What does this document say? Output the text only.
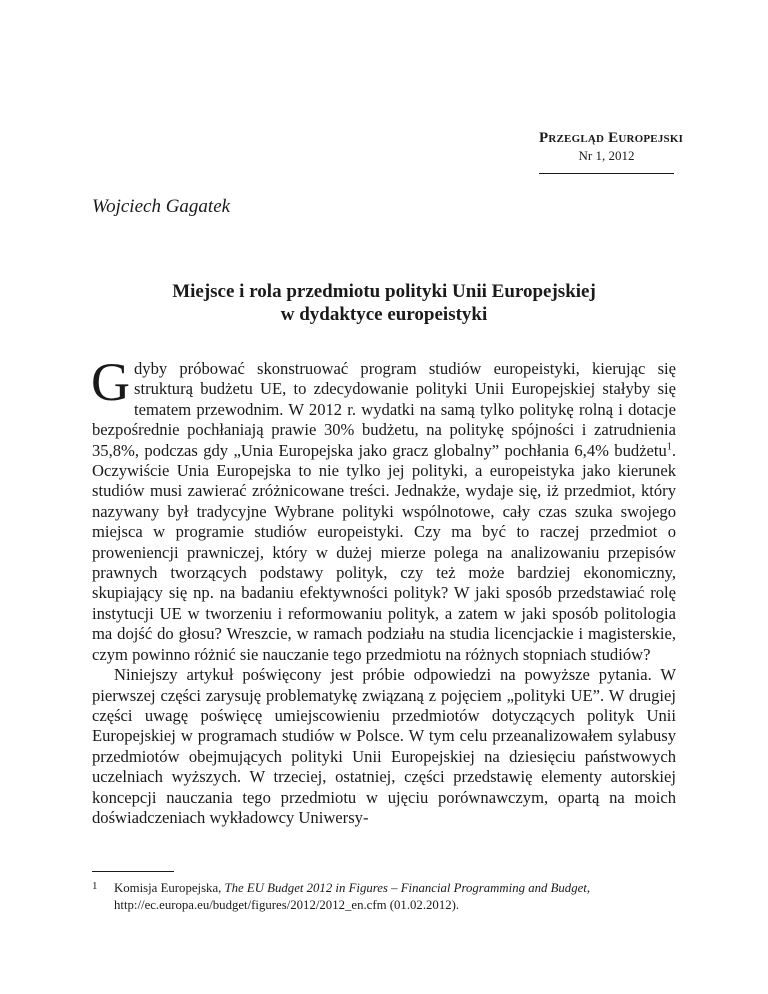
Przegląd Europejski
Nr 1, 2012
Wojciech Gagatek
Miejsce i rola przedmiotu polityki Unii Europejskiej
w dydaktyce europeistyki

Gdyby próbować skonstruować program studiów europeistyki, kierując się strukturą budżetu UE, to zdecydowanie polityki Unii Europejskiej stałyby się tematem przewodnim. W 2012 r. wydatki na samą tylko politykę rolną i dotacje bezpośrednie pochłaniają prawie 30% budżetu, na politykę spójności i zatrudnienia 35,8%, podczas gdy „Unia Europejska jako gracz globalny” pochłania 6,4% budżetu$^1$. Oczywiście Unia Europejska to nie tylko jej polityki, a europeistyka jako kierunek studiów musi zawierać zróżnicowane treści. Jednakże, wydaje się, iż przedmiot, który nazywany był tradycyjne Wybrane polityki wspólnotowe, cały czas szuka swojego miejsca w programie studiów europeistyki. Czy ma być to raczej przedmiot o proweniencji prawniczej, który w dużej mierze polega na analizowaniu przepisów prawnych tworzących podstawy polityk, czy też może bardziej ekonomiczny, skupiający się np. na badaniu efektywności polityk? W jaki sposób przedstawiać rolę instytucji UE w tworzeniu i reformowaniu polityk, a zatem w jaki sposób politologia ma dojść do głosu? Wreszcie, w ramach podziału na studia licencjackie i magisterskie, czym powinno różnić sie nauczanie tego przedmiotu na różnych stopniach studiów?

Niniejszy artykuł poświęcony jest próbie odpowiedzi na powyższe pytania. W pierwszej części zarysuję problematykę związaną z pojęciem „polityki UE”. W drugiej części uwagę poświęcę umiejscowieniu przedmiotów dotyczących polityk Unii Europejskiej w programach studiów w Polsce. W tym celu przeanalizowałem sylabusy przedmiotów obejmujących polityki Unii Europejskiej na dziesięciu państwowych uczelniach wyższych. W trzeciej, ostatniej, części przedstawię elementy autorskiej koncepcji nauczania tego przedmiotu w ujęciu porównawczym, opartą na moich doświadczeniach wykładowcy Uniwersy-

1 Komisja Europejska, The EU Budget 2012 in Figures – Financial Programming and Budget,
http://ec.europa.eu/budget/figures/2012/2012_en.cfm (01.02.2012).
